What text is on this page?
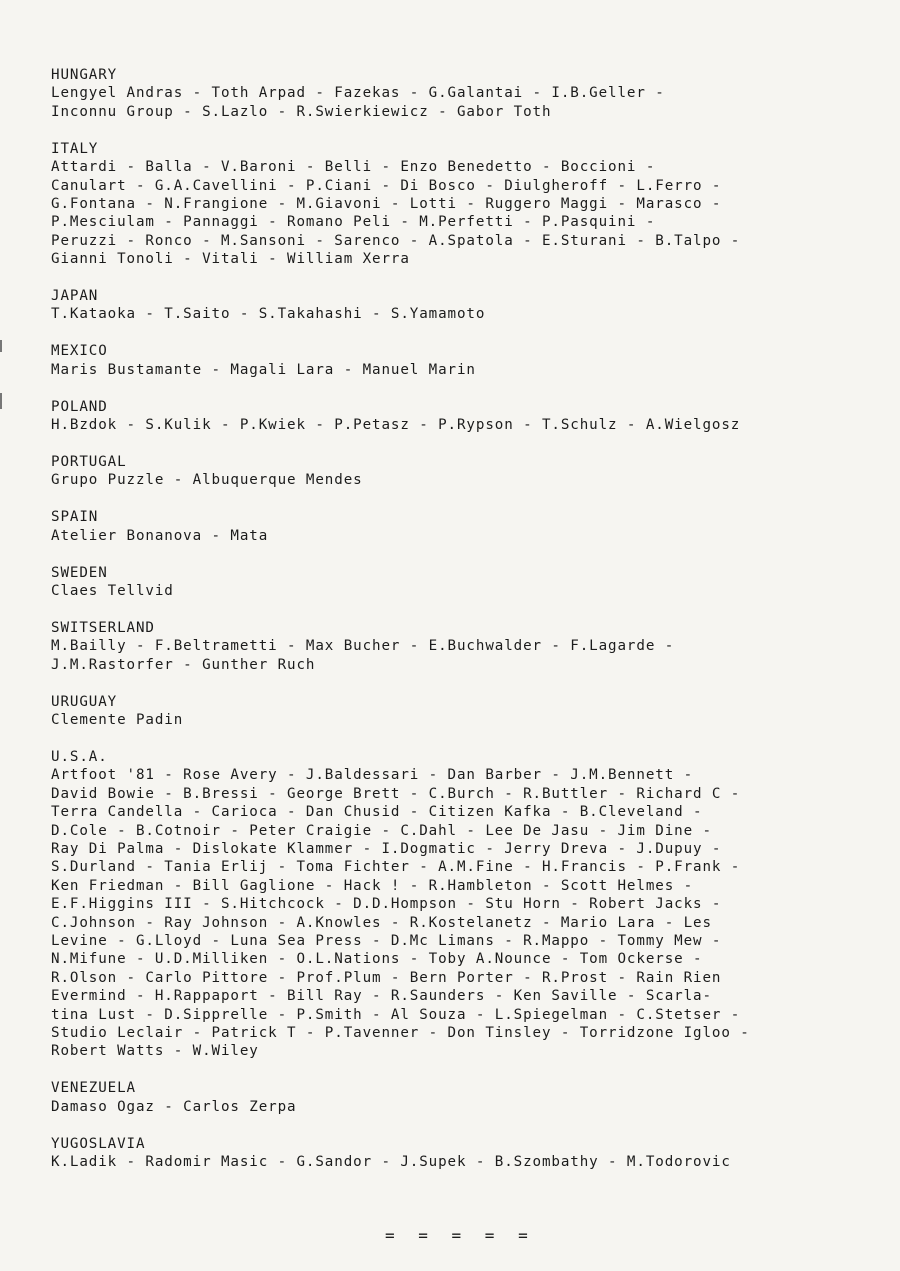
HUNGARY
Lengyel Andras - Toth Arpad - Fazekas - G.Galantai - I.B.Geller -
Inconnu Group - S.Lazlo - R.Swierkiewicz - Gabor Toth
ITALY
Attardi - Balla - V.Baroni - Belli - Enzo Benedetto - Boccioni -
Canulart - G.A.Cavellini - P.Ciani - Di Bosco - Diulgheroff - L.Ferro -
G.Fontana - N.Frangione - M.Giavoni - Lotti - Ruggero Maggi - Marasco -
P.Mesciulam - Pannaggi - Romano Peli - M.Perfetti - P.Pasquini -
Peruzzi - Ronco - M.Sansoni - Sarenco - A.Spatola - E.Sturani - B.Talpo -
Gianni Tonoli - Vitali - William Xerra
JAPAN
T.Kataoka - T.Saito - S.Takahashi - S.Yamamoto
MEXICO
Maris Bustamante - Magali Lara - Manuel Marin
POLAND
H.Bzdok - S.Kulik - P.Kwiek - P.Petasz - P.Rypson - T.Schulz - A.Wielgosz
PORTUGAL
Grupo Puzzle - Albuquerque Mendes
SPAIN
Atelier Bonanova - Mata
SWEDEN
Claes Tellvid
SWITSERLAND
M.Bailly - F.Beltrametti - Max Bucher - E.Buchwalder - F.Lagarde -
J.M.Rastorfer - Gunther Ruch
URUGUAY
Clemente Padin
U.S.A.
Artfoot '81 - Rose Avery - J.Baldessari - Dan Barber - J.M.Bennett -
David Bowie - B.Bressi - George Brett - C.Burch - R.Buttler - Richard C -
Terra Candella - Carioca - Dan Chusid - Citizen Kafka - B.Cleveland -
D.Cole - B.Cotnoir - Peter Craigie - C.Dahl - Lee De Jasu - Jim Dine -
Ray Di Palma - Dislokate Klammer - I.Dogmatic - Jerry Dreva - J.Dupuy -
S.Durland - Tania Erlij - Toma Fichter - A.M.Fine - H.Francis - P.Frank -
Ken Friedman - Bill Gaglione - Hack ! - R.Hambleton - Scott Helmes -
E.F.Higgins III - S.Hitchcock - D.D.Hompson - Stu Horn - Robert Jacks -
C.Johnson - Ray Johnson - A.Knowles - R.Kostelanetz - Mario Lara - Les
Levine - G.Lloyd - Luna Sea Press - D.Mc Limans - R.Mappo - Tommy Mew -
N.Mifune - U.D.Milliken - O.L.Nations - Toby A.Nounce - Tom Ockerse -
R.Olson - Carlo Pittore - Prof.Plum - Bern Porter - R.Prost - Rain Rien
Evermind - H.Rappaport - Bill Ray - R.Saunders - Ken Saville - Scarla-
tina Lust - D.Sipprelle - P.Smith - Al Souza - L.Spiegelman - C.Stetser -
Studio Leclair - Patrick T - P.Tavenner - Don Tinsley - Torridzone Igloo -
Robert Watts - W.Wiley
VENEZUELA
Damaso Ogaz - Carlos Zerpa
YUGOSLAVIA
K.Ladik - Radomir Masic - G.Sandor - J.Supek - B.Szombathy - M.Todorovic
= = = = =
